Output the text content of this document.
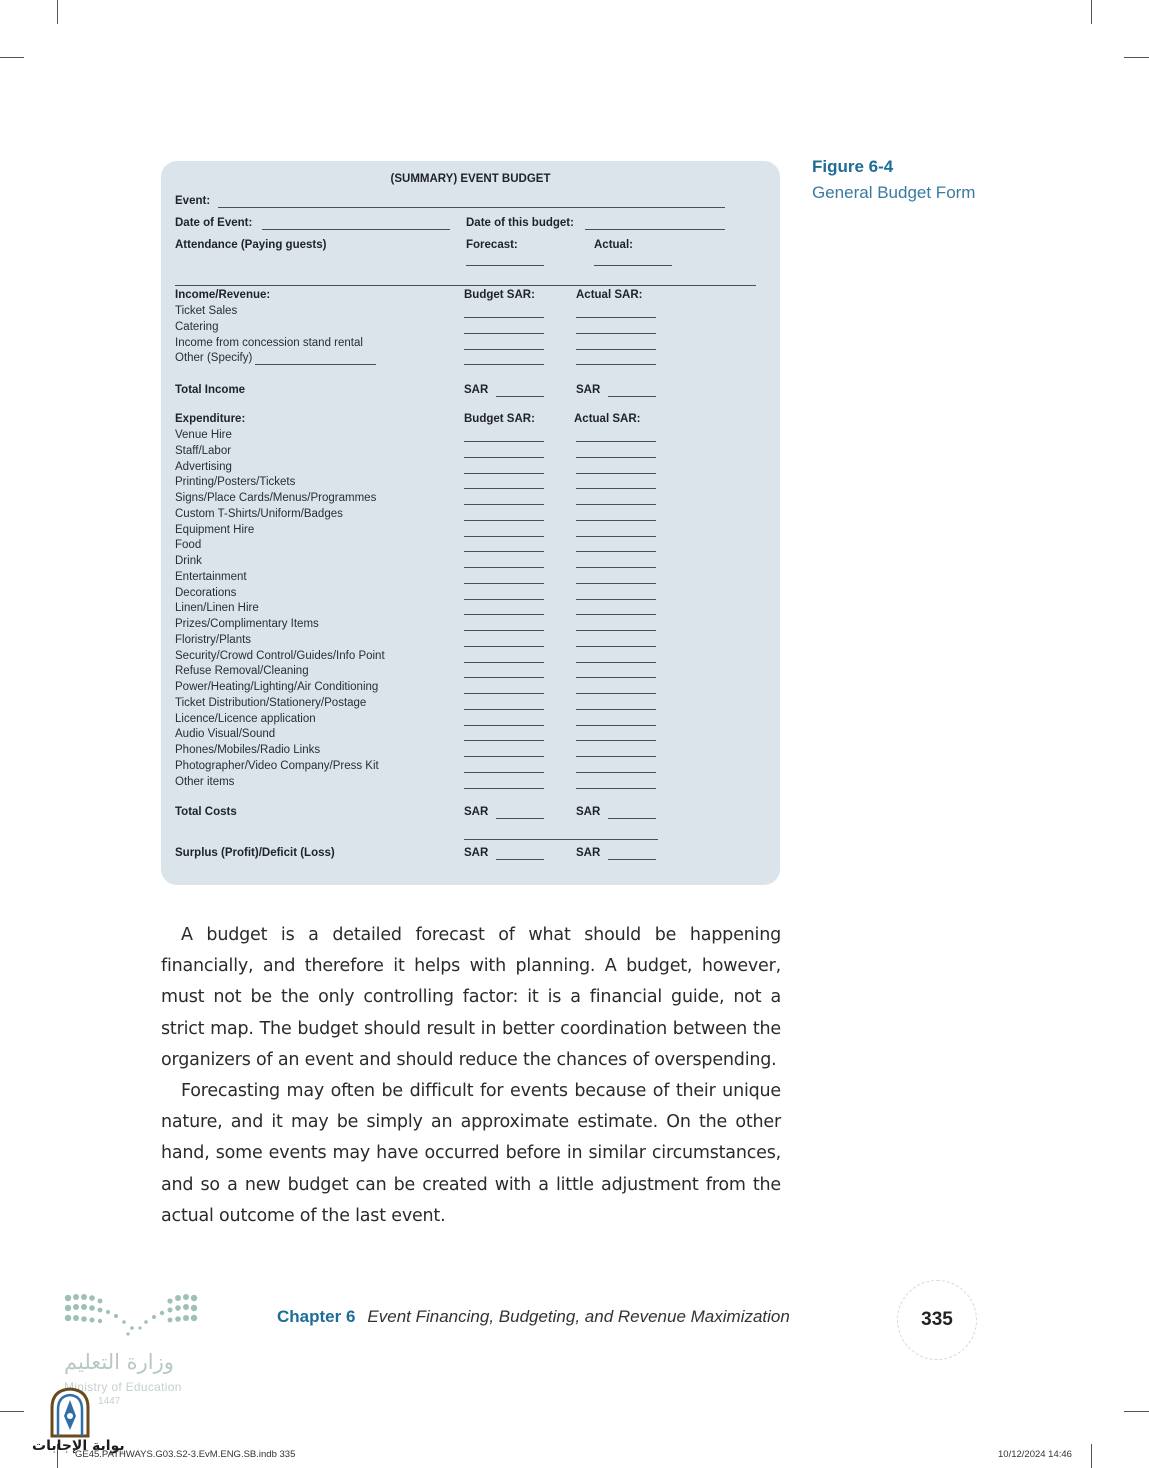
(SUMMARY) EVENT BUDGET
Event:
Date of Event:	Date of this budget:
Attendance (Paying guests)	Forecast:	Actual:
Income/Revenue:	Budget SAR:	Actual SAR:
Ticket Sales
Catering
Income from concession stand rental
Other (Specify)
Total Income	SAR	SAR
Expenditure:	Budget SAR:	Actual SAR:
Venue Hire
Staff/Labor
Advertising
Printing/Posters/Tickets
Signs/Place Cards/Menus/Programmes
Custom T-Shirts/Uniform/Badges
Equipment Hire
Food
Drink
Entertainment
Decorations
Linen/Linen Hire
Prizes/Complimentary Items
Floristry/Plants
Security/Crowd Control/Guides/Info Point
Refuse Removal/Cleaning
Power/Heating/Lighting/Air Conditioning
Ticket Distribution/Stationery/Postage
Licence/Licence application
Audio Visual/Sound
Phones/Mobiles/Radio Links
Photographer/Video Company/Press Kit
Other items
Total Costs	SAR	SAR
Surplus (Profit)/Deficit (Loss)	SAR	SAR
Figure 6-4
General Budget Form

A budget is a detailed forecast of what should be happening financially, and therefore it helps with planning. A budget, however, must not be the only controlling factor: it is a financial guide, not a strict map. The budget should result in better coordination between the organizers of an event and should reduce the chances of overspending.

Forecasting may often be difficult for events because of their unique nature, and it may be simply an approximate estimate. On the other hand, some events may have occurred before in similar circumstances, and so a new budget can be created with a little adjustment from the actual outcome of the last event.

وزارة التعليم
Ministry of Education
1447
بوابة الإجابات
Chapter 6 Event Financing, Budgeting, and Revenue Maximization	335
GE45.PATHWAYS.G03.S2-3.EvM.ENG.SB.indb 335	10/12/2024 14:46
